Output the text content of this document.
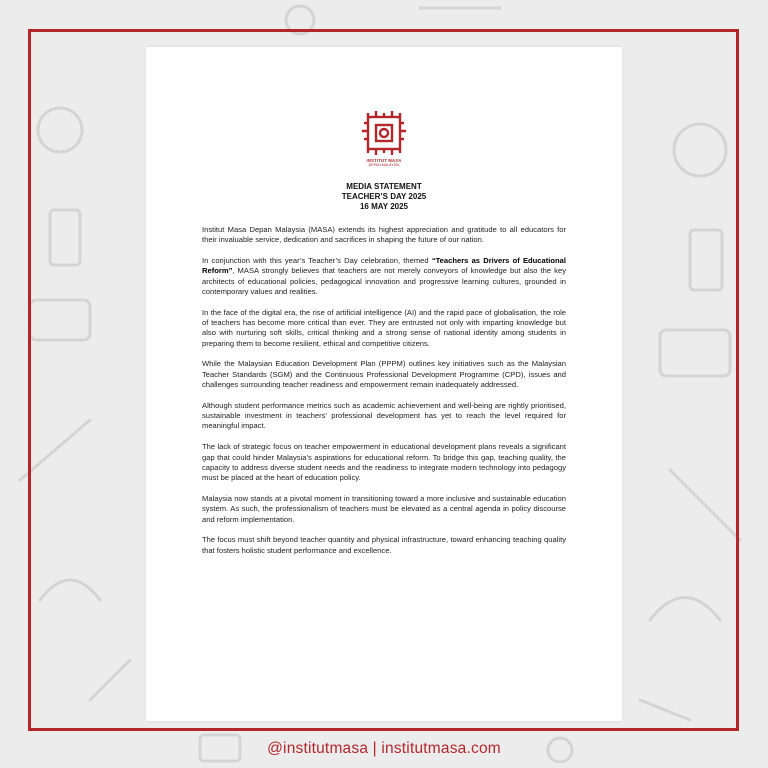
INSTITUT MASA
DEPAN MALAYSIA
MEDIA STATEMENT
TEACHER’S DAY 2025
16 MAY 2025

Institut Masa Depan Malaysia (MASA) extends its highest appreciation and gratitude to all educators for their invaluable service, dedication and sacrifices in shaping the future of our nation.

In conjunction with this year’s Teacher’s Day celebration, themed “Teachers as Drivers of Educational Reform”, MASA strongly believes that teachers are not merely conveyors of knowledge but also the key architects of educational policies, pedagogical innovation and progressive learning cultures, grounded in contemporary values and realities.

In the face of the digital era, the rise of artificial intelligence (AI) and the rapid pace of globalisation, the role of teachers has become more critical than ever. They are entrusted not only with imparting knowledge but also with nurturing soft skills, critical thinking and a strong sense of national identity among students in preparing them to become resilient, ethical and competitive citizens.

While the Malaysian Education Development Plan (PPPM) outlines key initiatives such as the Malaysian Teacher Standards (SGM) and the Continuous Professional Development Programme (CPD), issues and challenges surrounding teacher readiness and empowerment remain inadequately addressed.

Although student performance metrics such as academic achievement and well-being are rightly prioritised, sustainable investment in teachers’ professional development has yet to reach the level required for meaningful impact.

The lack of strategic focus on teacher empowerment in educational development plans reveals a significant gap that could hinder Malaysia’s aspirations for educational reform. To bridge this gap, teaching quality, the capacity to address diverse student needs and the readiness to integrate modern technology into pedagogy must be placed at the heart of education policy.

Malaysia now stands at a pivotal moment in transitioning toward a more inclusive and sustainable education system. As such, the professionalism of teachers must be elevated as a central agenda in policy discourse and reform implementation.

The focus must shift beyond teacher quantity and physical infrastructure, toward enhancing teaching quality that fosters holistic student performance and excellence.

@institutmasa | institutmasa.com
